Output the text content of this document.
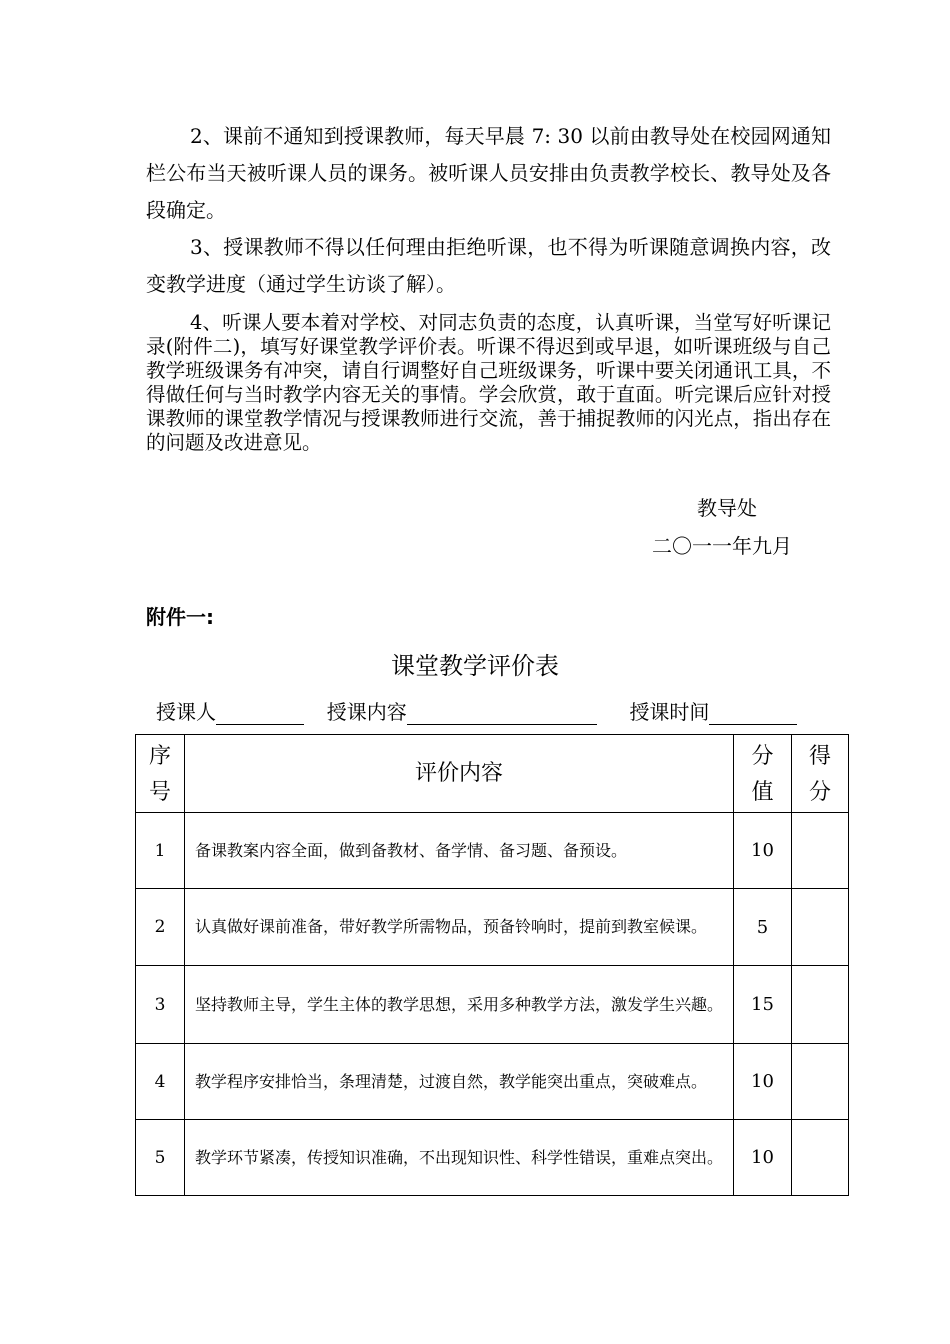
2、课前不通知到授课教师，每天早晨 7: 30 以前由教导处在校园网通知栏公布当天被听课人员的课务。被听课人员安排由负责教学校长、教导处及各段确定。

3、授课教师不得以任何理由拒绝听课，也不得为听课随意调换内容，改变教学进度（通过学生访谈了解）。

4、听课人要本着对学校、对同志负责的态度，认真听课，当堂写好听课记录(附件二)，填写好课堂教学评价表。听课不得迟到或早退，如听课班级与自己教学班级课务有冲突，请自行调整好自己班级课务，听课中要关闭通讯工具，不得做任何与当时教学内容无关的事情。学会欣赏，敢于直面。听完课后应针对授课教师的课堂教学情况与授课教师进行交流，善于捕捉教师的闪光点，指出存在的问题及改进意见。

教导处
二〇一一年九月
附件一:
课堂教学评价表
授课人	授课内容	授课时间
序号	评价内容	分值	得分

1	备课教案内容全面，做到备教材、备学情、备习题、备预设。	10	
2	认真做好课前准备，带好教学所需物品，预备铃响时，提前到教室候课。	5	
3	坚持教师主导，学生主体的教学思想，采用多种教学方法，激发学生兴趣。	15	
4	教学程序安排恰当，条理清楚，过渡自然，教学能突出重点，突破难点。	10	
5	教学环节紧凑，传授知识准确，不出现知识性、科学性错误，重难点突出。	10	
